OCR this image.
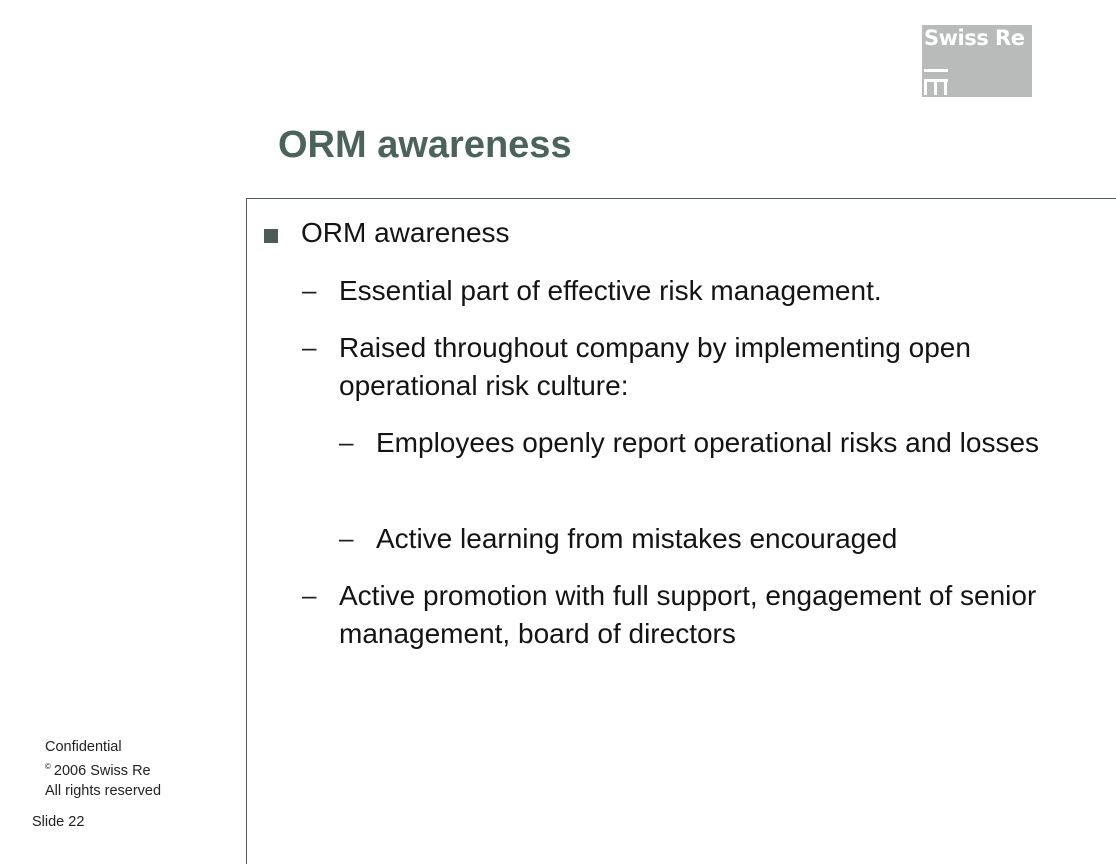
Swiss Re
ORM awareness
ORM awareness
– Essential part of effective risk management.
– Raised throughout company by implementing open operational risk culture:
– Employees openly report operational risks and losses
– Active learning from mistakes encouraged
– Active promotion with full support, engagement of senior management, board of directors
Confidential
© 2006 Swiss Re
All rights reserved
Slide 22
